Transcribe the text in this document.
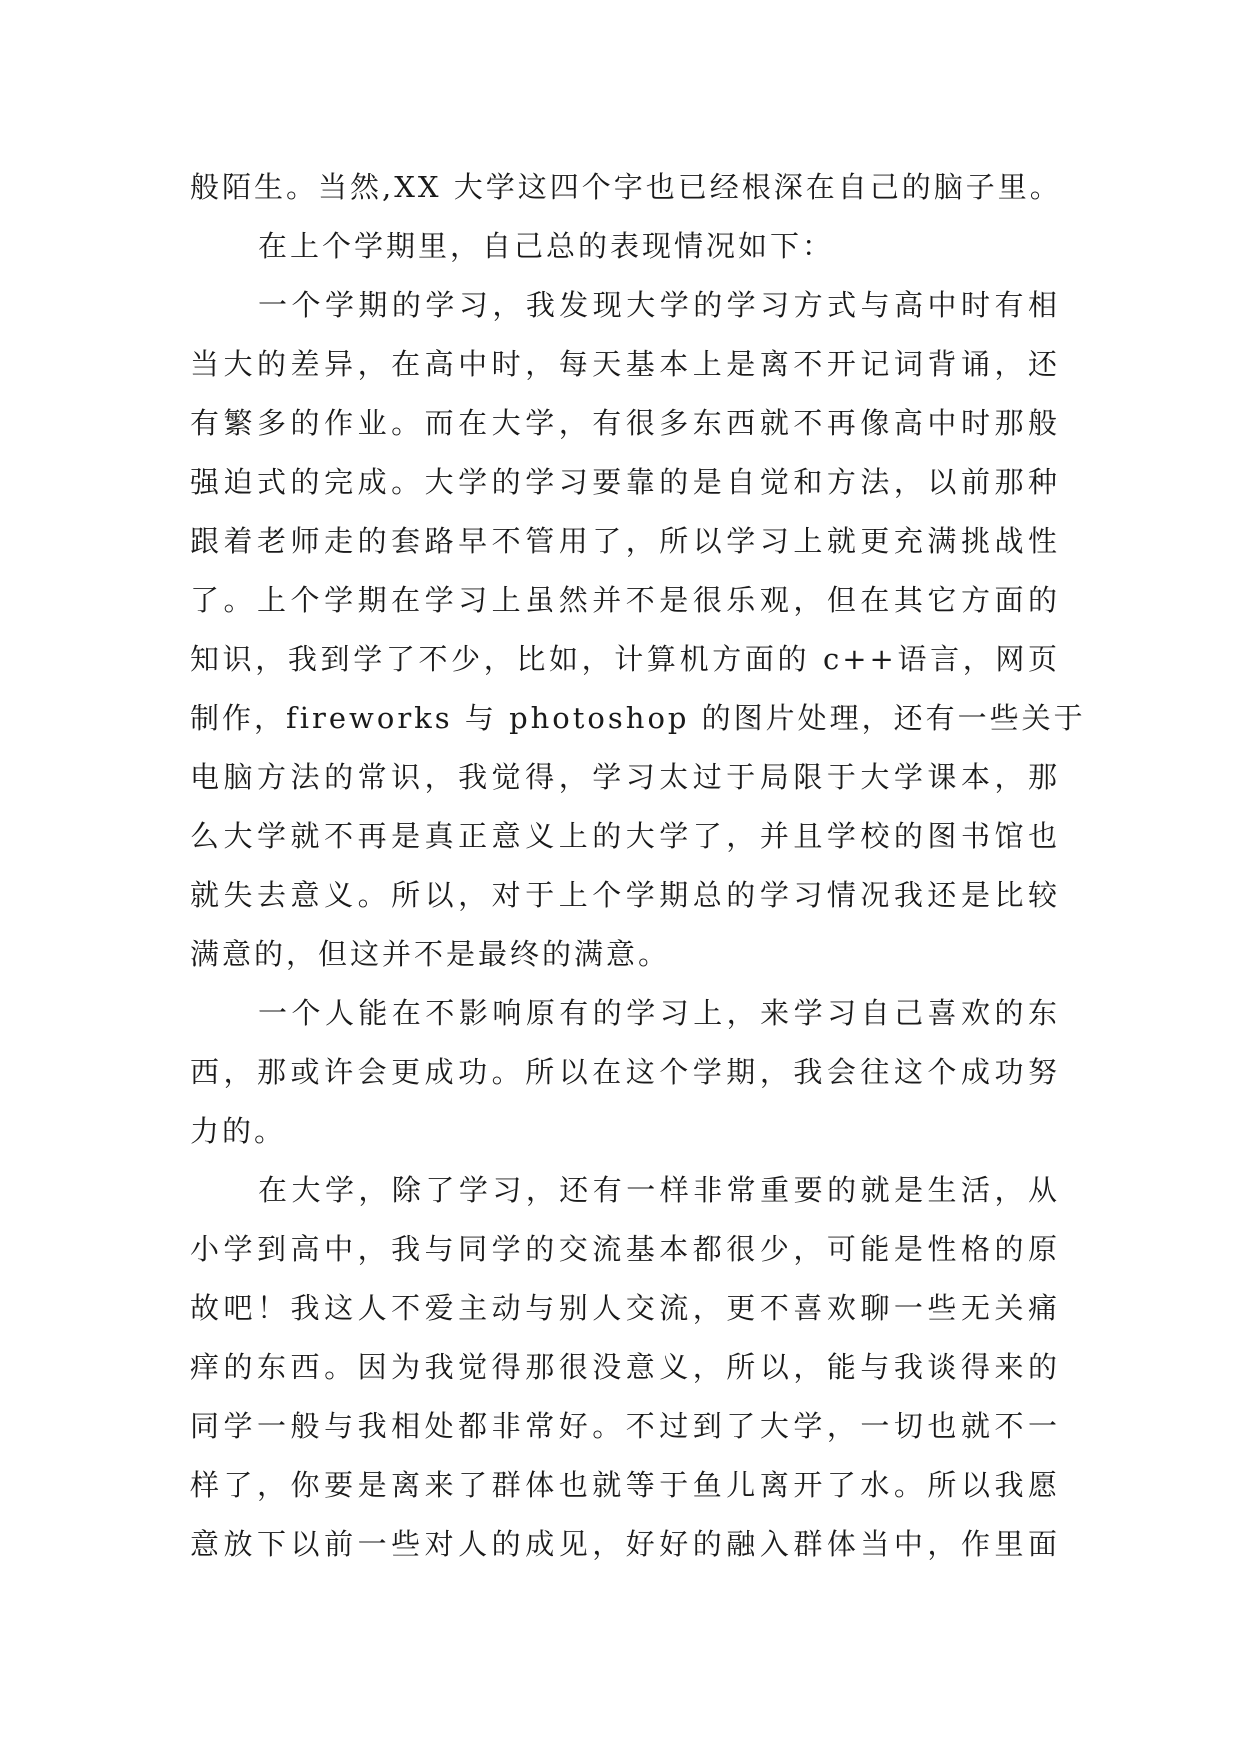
般陌生。当然,XX 大学这四个字也已经根深在自己的脑子里。
在上个学期里，自己总的表现情况如下：
一个学期的学习，我发现大学的学习方式与高中时有相
当大的差异，在高中时，每天基本上是离不开记词背诵，还
有繁多的作业。而在大学，有很多东西就不再像高中时那般
强迫式的完成。大学的学习要靠的是自觉和方法，以前那种
跟着老师走的套路早不管用了，所以学习上就更充满挑战性
了。上个学期在学习上虽然并不是很乐观，但在其它方面的
知识，我到学了不少，比如，计算机方面的 c++语言，网页
制作，fireworks 与 photoshop 的图片处理，还有一些关于
电脑方法的常识，我觉得，学习太过于局限于大学课本，那
么大学就不再是真正意义上的大学了，并且学校的图书馆也
就失去意义。所以，对于上个学期总的学习情况我还是比较
满意的，但这并不是最终的满意。
一个人能在不影响原有的学习上，来学习自己喜欢的东
西，那或许会更成功。所以在这个学期，我会往这个成功努
力的。
在大学，除了学习，还有一样非常重要的就是生活，从
小学到高中，我与同学的交流基本都很少，可能是性格的原
故吧！我这人不爱主动与别人交流，更不喜欢聊一些无关痛
痒的东西。因为我觉得那很没意义，所以，能与我谈得来的
同学一般与我相处都非常好。不过到了大学，一切也就不一
样了，你要是离来了群体也就等于鱼儿离开了水。所以我愿
意放下以前一些对人的成见，好好的融入群体当中，作里面
